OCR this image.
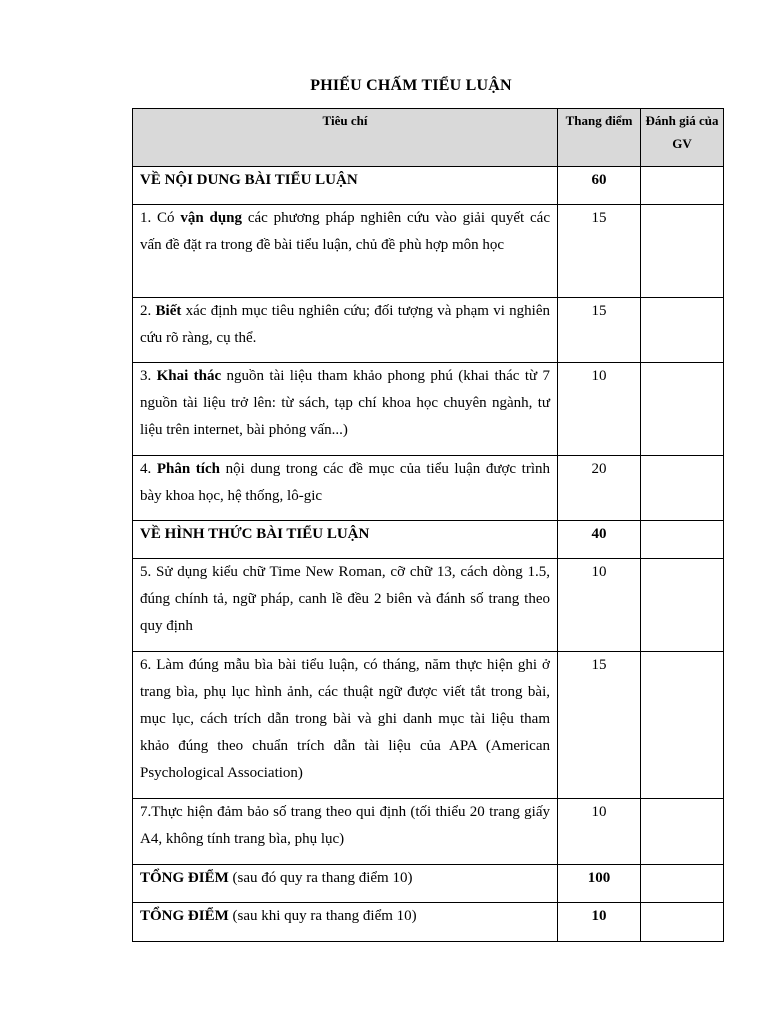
PHIẾU CHẤM TIỂU LUẬN
Tiêu chí	Thang điểm	Đánh giá của GV

VỀ NỘI DUNG BÀI TIỂU LUẬN	60	

1. Có vận dụng các phương pháp nghiên cứu vào giải quyết các vấn đề đặt ra trong đề bài tiểu luận, chủ đề phù hợp môn học	15	

2. Biết xác định mục tiêu nghiên cứu; đối tượng và phạm vi nghiên cứu rõ ràng, cụ thể.	15	

3. Khai thác nguồn tài liệu tham khảo phong phú (khai thác từ 7 nguồn tài liệu trở lên: từ sách, tạp chí khoa học chuyên ngành, tư liệu trên internet, bài phỏng vấn...)	10	

4. Phân tích nội dung trong các đề mục của tiểu luận được trình bày khoa học, hệ thống, lô-gic	20	

VỀ HÌNH THỨC BÀI TIỂU LUẬN	40	

5. Sử dụng kiểu chữ Time New Roman, cỡ chữ 13, cách dòng 1.5, đúng chính tả, ngữ pháp, canh lề đều 2 biên và đánh số trang theo quy định	10	

6. Làm đúng mẫu bìa bài tiểu luận, có tháng, năm thực hiện ghi ở trang bìa, phụ lục hình ảnh, các thuật ngữ được viết tắt trong bài, mục lục, cách trích dẫn trong bài và ghi danh mục tài liệu tham khảo đúng theo chuẩn trích dẫn tài liệu của APA (American Psychological Association)	15	

7.Thực hiện đảm bảo số trang theo qui định (tối thiểu 20 trang giấy A4, không tính trang bìa, phụ lục)	10	

TỔNG ĐIỂM (sau đó quy ra thang điểm 10)	100	

TỔNG ĐIỂM (sau khi quy ra thang điểm 10)	10	
